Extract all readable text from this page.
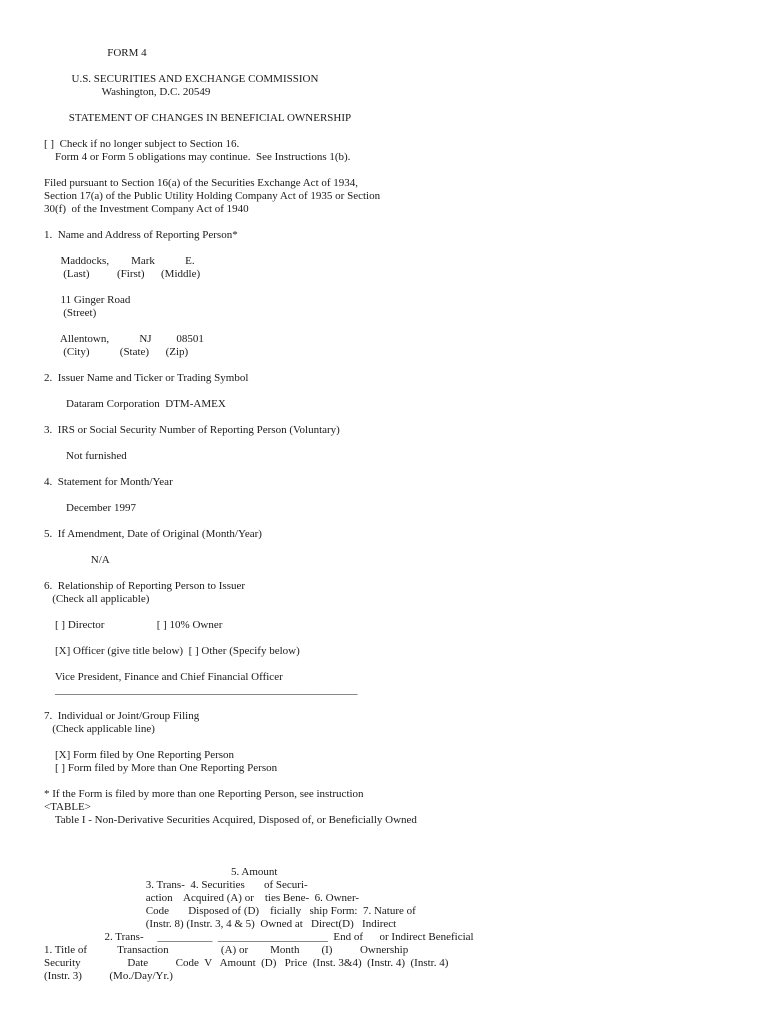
FORM 4

U.S. SECURITIES AND EXCHANGE COMMISSION
Washington, D.C. 20549

STATEMENT OF CHANGES IN BENEFICIAL OWNERSHIP

[ ]  Check if no longer subject to Section 16.
Form 4 or Form 5 obligations may continue.  See Instructions 1(b).

Filed pursuant to Section 16(a) of the Securities Exchange Act of 1934,
Section 17(a) of the Public Utility Holding Company Act of 1935 or Section
30(f)  of the Investment Company Act of 1940

1.  Name and Address of Reporting Person*

Maddocks,        Mark           E.
(Last)          (First)      (Middle)

11 Ginger Road
(Street)

Allentown,           NJ         08501
(City)           (State)      (Zip)

2.  Issuer Name and Ticker or Trading Symbol

Dataram Corporation  DTM-AMEX

3.  IRS or Social Security Number of Reporting Person (Voluntary)

Not furnished

4.  Statement for Month/Year

December 1997

5.  If Amendment, Date of Original (Month/Year)

N/A

6.  Relationship of Reporting Person to Issuer
(Check all applicable)

[ ] Director                   [ ] 10% Owner

[X] Officer (give title below)  [ ] Other (Specify below)

Vice President, Finance and Chief Financial Officer
_______________________________________________________

7.  Individual or Joint/Group Filing
(Check applicable line)

[X] Form filed by One Reporting Person
[ ] Form filed by More than One Reporting Person

* If the Form is filed by more than one Reporting Person, see instruction
<TABLE>
Table I - Non-Derivative Securities Acquired, Disposed of, or Beneficially Owned

5. Amount
3. Trans-  4. Securities       of Securi-
action    Acquired (A) or    ties Bene-  6. Owner-
Code       Disposed of (D)    ficially   ship Form:  7. Nature of
(Instr. 8) (Instr. 3, 4 & 5)  Owned at   Direct(D)   Indirect
2. Trans-     __________  ____________________  End of      or Indirect Beneficial
1. Title of           Transaction                   (A) or        Month        (I)          Ownership
Security                 Date          Code  V   Amount  (D)   Price  (Inst. 3&4)  (Instr. 4)  (Instr. 4)
(Instr. 3)          (Mo./Day/Yr.)
